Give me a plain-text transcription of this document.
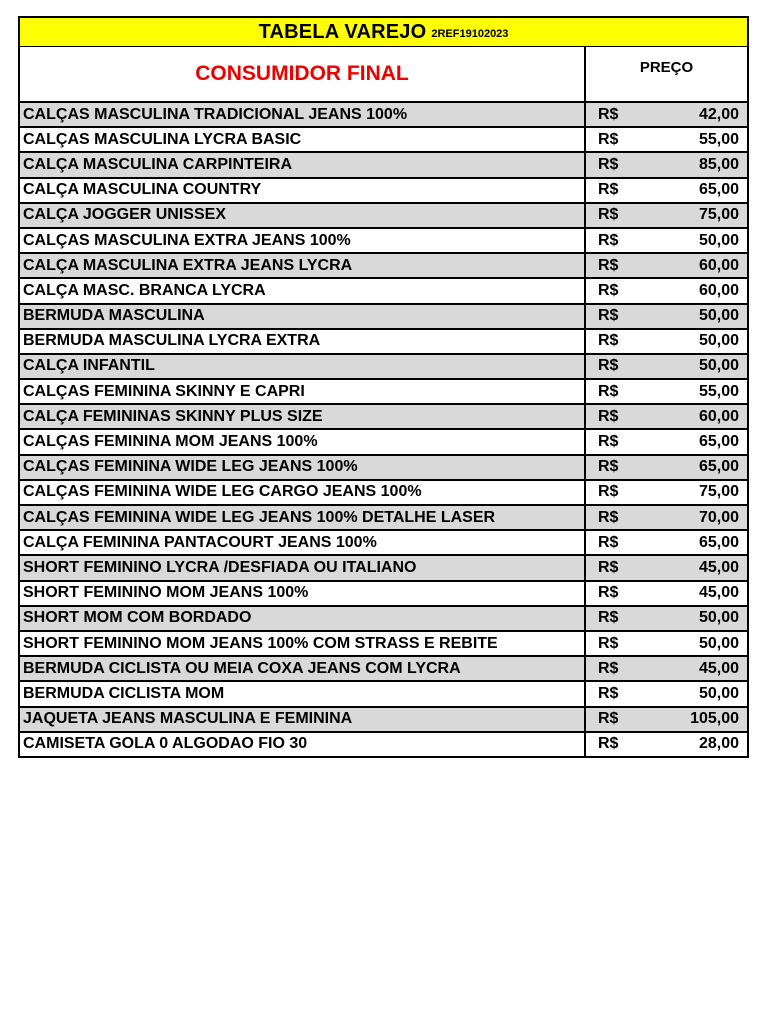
TABELA VAREJO 2REF19102023
CONSUMIDOR FINAL	PREÇO
CALÇAS MASCULINA TRADICIONAL JEANS 100%	R$	42,00
CALÇAS MASCULINA LYCRA BASIC	R$	55,00
CALÇA MASCULINA CARPINTEIRA	R$	85,00
CALÇA MASCULINA COUNTRY	R$	65,00
CALÇA JOGGER UNISSEX	R$	75,00
CALÇAS MASCULINA EXTRA JEANS 100%	R$	50,00
CALÇA MASCULINA EXTRA JEANS LYCRA	R$	60,00
CALÇA MASC. BRANCA LYCRA	R$	60,00
BERMUDA MASCULINA	R$	50,00
BERMUDA MASCULINA LYCRA EXTRA	R$	50,00
CALÇA INFANTIL	R$	50,00
CALÇAS FEMININA SKINNY E CAPRI	R$	55,00
CALÇA FEMININAS SKINNY PLUS SIZE	R$	60,00
CALÇAS FEMININA MOM JEANS 100%	R$	65,00
CALÇAS FEMININA WIDE LEG JEANS 100%	R$	65,00
CALÇAS FEMININA WIDE LEG CARGO JEANS 100%	R$	75,00
CALÇAS FEMININA WIDE LEG JEANS 100% DETALHE LASER	R$	70,00
CALÇA FEMININA PANTACOURT JEANS 100%	R$	65,00
SHORT FEMININO LYCRA /DESFIADA OU ITALIANO	R$	45,00
SHORT FEMININO MOM JEANS 100%	R$	45,00
SHORT MOM COM BORDADO	R$	50,00
SHORT FEMININO MOM JEANS 100% COM STRASS E REBITE	R$	50,00
BERMUDA CICLISTA OU MEIA COXA JEANS COM LYCRA	R$	45,00
BERMUDA CICLISTA MOM	R$	50,00
JAQUETA JEANS MASCULINA E FEMININA	R$	105,00
CAMISETA GOLA 0 ALGODAO FIO 30	R$	28,00
